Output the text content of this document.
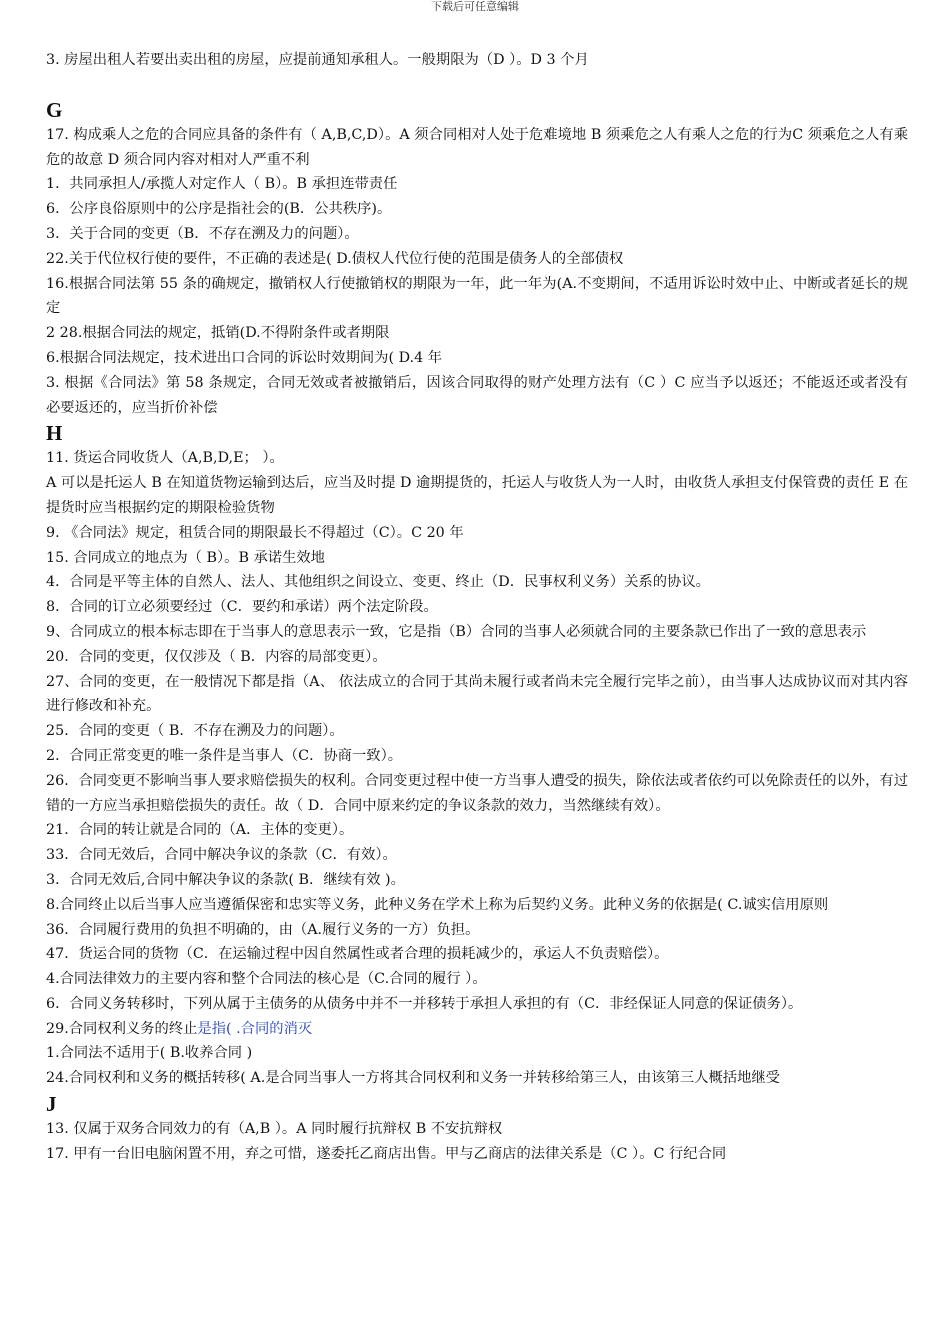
下载后可任意编辑

3. 房屋出租人若要出卖出租的房屋，应提前通知承租人。一般期限为（D ）。D 3 个月

G

17. 构成乘人之危的合同应具备的条件有（ A,B,C,D）。A 须合同相对人处于危难境地 B 须乘危之人有乘人之危的行为C 须乘危之人有乘危的故意 D 须合同内容对相对人严重不利

1．共同承担人/承揽人对定作人（ B）。B 承担连带责任

6．公序良俗原则中的公序是指社会的(B．公共秩序)。

3．关于合同的变更（B．不存在溯及力的问题）。

22.关于代位权行使的要件，不正确的表述是( D.债权人代位行使的范围是债务人的全部债权

16.根据合同法第 55 条的确规定，撤销权人行使撤销权的期限为一年，此一年为(A.不变期间，不适用诉讼时效中止、中断或者延长的规定

2 28.根据合同法的规定，抵销(D.不得附条件或者期限

6.根据合同法规定，技术进出口合同的诉讼时效期间为( D.4 年

3. 根据《合同法》第 58 条规定，合同无效或者被撤销后，因该合同取得的财产处理方法有（C ）C 应当予以返还；不能返还或者没有必要返还的，应当折价补偿

H

11. 货运合同收货人（A,B,D,E； ）。

A 可以是托运人 B 在知道货物运输到达后，应当及时提 D 逾期提货的，托运人与收货人为一人时，由收货人承担支付保管费的责任 E 在提货时应当根据约定的期限检验货物

9. 《合同法》规定，租赁合同的期限最长不得超过（C）。C 20 年

15. 合同成立的地点为（ B）。B 承诺生效地

4．合同是平等主体的自然人、法人、其他组织之间设立、变更、终止（D．民事权利义务）关系的协议。

8．合同的订立必须要经过（C．要约和承诺）两个法定阶段。

9、合同成立的根本标志即在于当事人的意思表示一致，它是指（B）合同的当事人必须就合同的主要条款已作出了一致的意思表示

20．合同的变更，仅仅涉及（ B．内容的局部变更）。

27、合同的变更，在一般情况下都是指（A、 依法成立的合同于其尚未履行或者尚未完全履行完毕之前），由当事人达成协议而对其内容进行修改和补充。

25．合同的变更（ B．不存在溯及力的问题）。

2．合同正常变更的唯一条件是当事人（C．协商一致）。

26．合同变更不影响当事人要求赔偿损失的权利。合同变更过程中使一方当事人遭受的损失，除依法或者依约可以免除责任的以外，有过错的一方应当承担赔偿损失的责任。故（ D．合同中原来约定的争议条款的效力，当然继续有效）。

21．合同的转让就是合同的（A．主体的变更）。

33．合同无效后，合同中解决争议的条款（C．有效）。

3．合同无效后,合同中解决争议的条款( B．继续有效 )。

8.合同终止以后当事人应当遵循保密和忠实等义务，此种义务在学术上称为后契约义务。此种义务的依据是( C.诚实信用原则

36．合同履行费用的负担不明确的，由（A.履行义务的一方）负担。

47．货运合同的货物（C．在运输过程中因自然属性或者合理的损耗减少的，承运人不负责赔偿）。

4.合同法律效力的主要内容和整个合同法的核心是（C.合同的履行 ）。

6．合同义务转移时，下列从属于主债务的从债务中并不一并移转于承担人承担的有（C．非经保证人同意的保证债务）。

29.合同权利义务的终止是指( .合同的消灭

1.合同法不适用于( B.收养合同 )

24.合同权利和义务的概括转移( A.是合同当事人一方将其合同权利和义务一并转移给第三人，由该第三人概括地继受

J

13. 仅属于双务合同效力的有（A,B ）。A 同时履行抗辩权 B 不安抗辩权

17. 甲有一台旧电脑闲置不用，弃之可惜，遂委托乙商店出售。甲与乙商店的法律关系是（C ）。C 行纪合同
